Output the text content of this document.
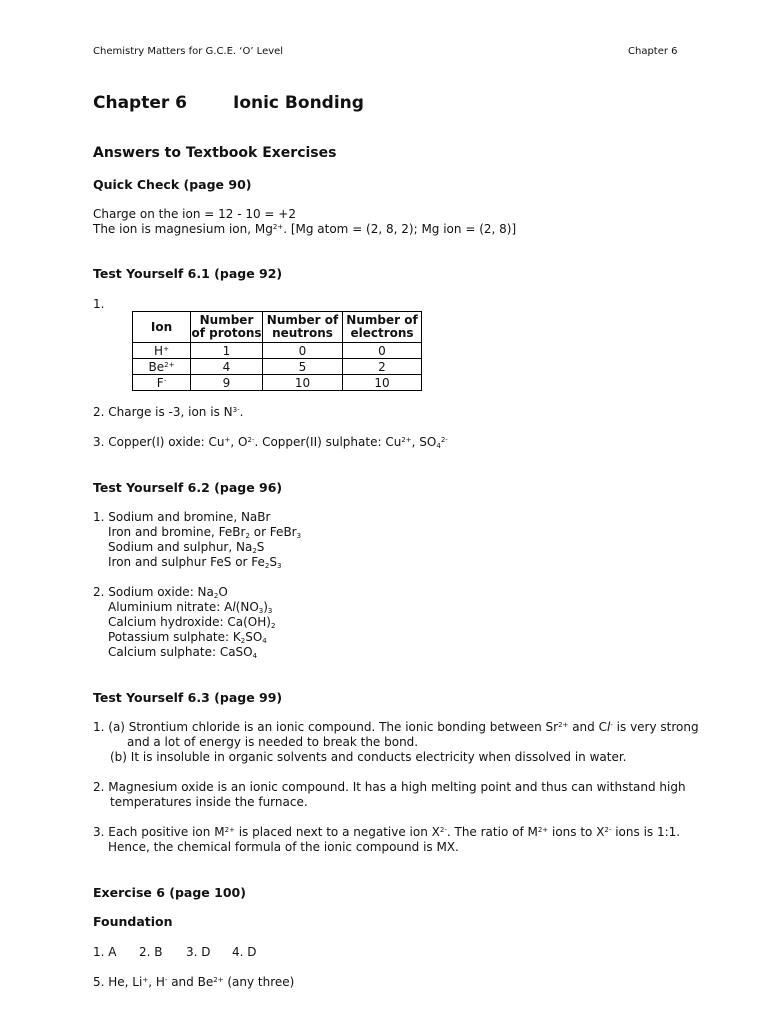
Chemistry Matters for G.C.E. ‘O’ Level	Chapter 6
Chapter 6	Ionic Bonding
Answers to Textbook Exercises
Quick Check (page 90)
Charge on the ion = 12 - 10 = +2
The ion is magnesium ion, $Mg^{2+}$. [Mg atom = (2, 8, 2); Mg ion = (2, 8)]
Test Yourself 6.1 (page 92)
1.
Ion	Number of protons	Number of neutrons	Number of electrons
H+	1	0	0
$Be^{2+}$	4	5	2
F-	9	10	10
2. Charge is -3, ion is $N^{3-}$.
3. Copper(I) oxide: Cu+, $O^{2-}$. Copper(II) sulphate: $Cu^{2+}$, $SO_4^{2-}$
Test Yourself 6.2 (page 96)
1. Sodium and bromine, NaBr
Iron and bromine, FeBr$_2$ or FeBr$_3$
Sodium and sulphur, $Na_2S$
Iron and sulphur FeS or $Fe_2S_3$
2. Sodium oxide: $Na_2O$
Aluminium nitrate: $Al(NO_3)_3$
Calcium hydroxide: $Ca(OH)_2$
Potassium sulphate: $K_2SO_4$
Calcium sulphate: CaSO$_4$
Test Yourself 6.3 (page 99)
1. (a) Strontium chloride is an ionic compound. The ionic bonding between $Sr^{2+}$ and Cl- is very strong
and a lot of energy is needed to break the bond.
(b) It is insoluble in organic solvents and conducts electricity when dissolved in water.
2. Magnesium oxide is an ionic compound. It has a high melting point and thus can withstand high
temperatures inside the furnace.
3. Each positive ion $M^{2+}$ is placed next to a negative ion $X^{2-}$. The ratio of $M^{2+}$ ions to $X^{2-}$ ions is 1:1.
Hence, the chemical formula of the ionic compound is MX.
Exercise 6 (page 100)
Foundation
1. A 2. B 3. D 4. D
5. He, Li+, H- and $Be^{2+}$ (any three)
